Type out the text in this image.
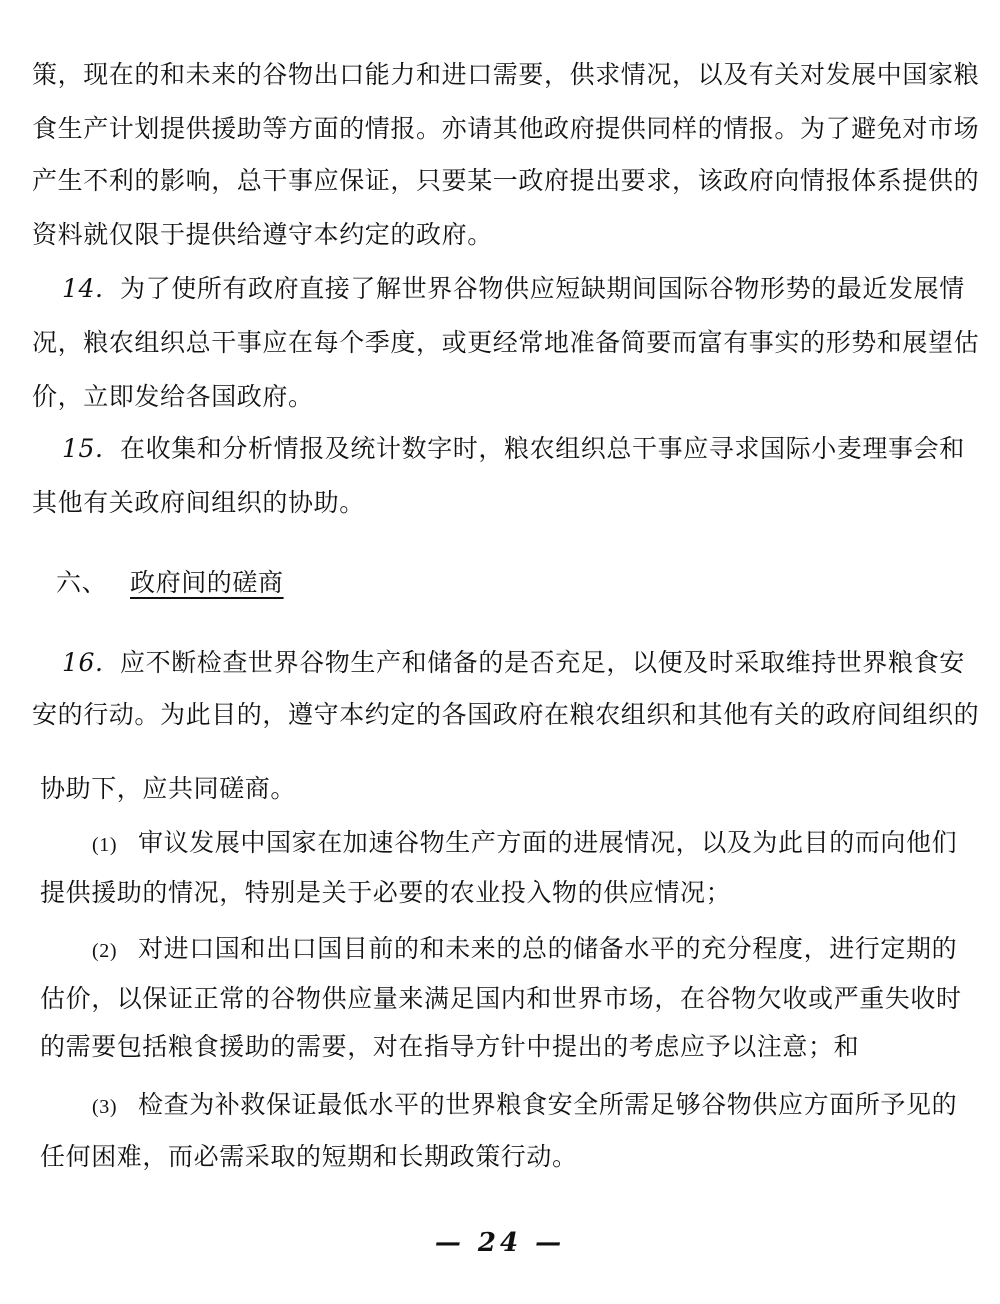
策，现在的和未来的谷物出口能力和进口需要，供求情况，以及有关对发展中国家粮
食生产计划提供援助等方面的情报。亦请其他政府提供同样的情报。为了避免对市场
产生不利的影响，总干事应保证，只要某一政府提出要求，该政府向情报体系提供的
资料就仅限于提供给遵守本约定的政府。
14. 为了使所有政府直接了解世界谷物供应短缺期间国际谷物形势的最近发展情
况，粮农组织总干事应在每个季度，或更经常地准备简要而富有事实的形势和展望估
价，立即发给各国政府。
15. 在收集和分析情报及统计数字时，粮农组织总干事应寻求国际小麦理事会和
其他有关政府间组织的协助。
六、 政府间的磋商
16. 应不断检查世界谷物生产和储备的是否充足，以便及时采取维持世界粮食安
安的行动。为此目的，遵守本约定的各国政府在粮农组织和其他有关的政府间组织的
协助下，应共同磋商。
(1) 审议发展中国家在加速谷物生产方面的进展情况，以及为此目的而向他们
提供援助的情况，特别是关于必要的农业投入物的供应情况；
(2) 对进口国和出口国目前的和未来的总的储备水平的充分程度，进行定期的
估价，以保证正常的谷物供应量来满足国内和世界市场，在谷物欠收或严重失收时
的需要包括粮食援助的需要，对在指导方针中提出的考虑应予以注意；和
(3) 检查为补救保证最低水平的世界粮食安全所需足够谷物供应方面所予见的
任何困难，而必需采取的短期和长期政策行动。
— 24 —
